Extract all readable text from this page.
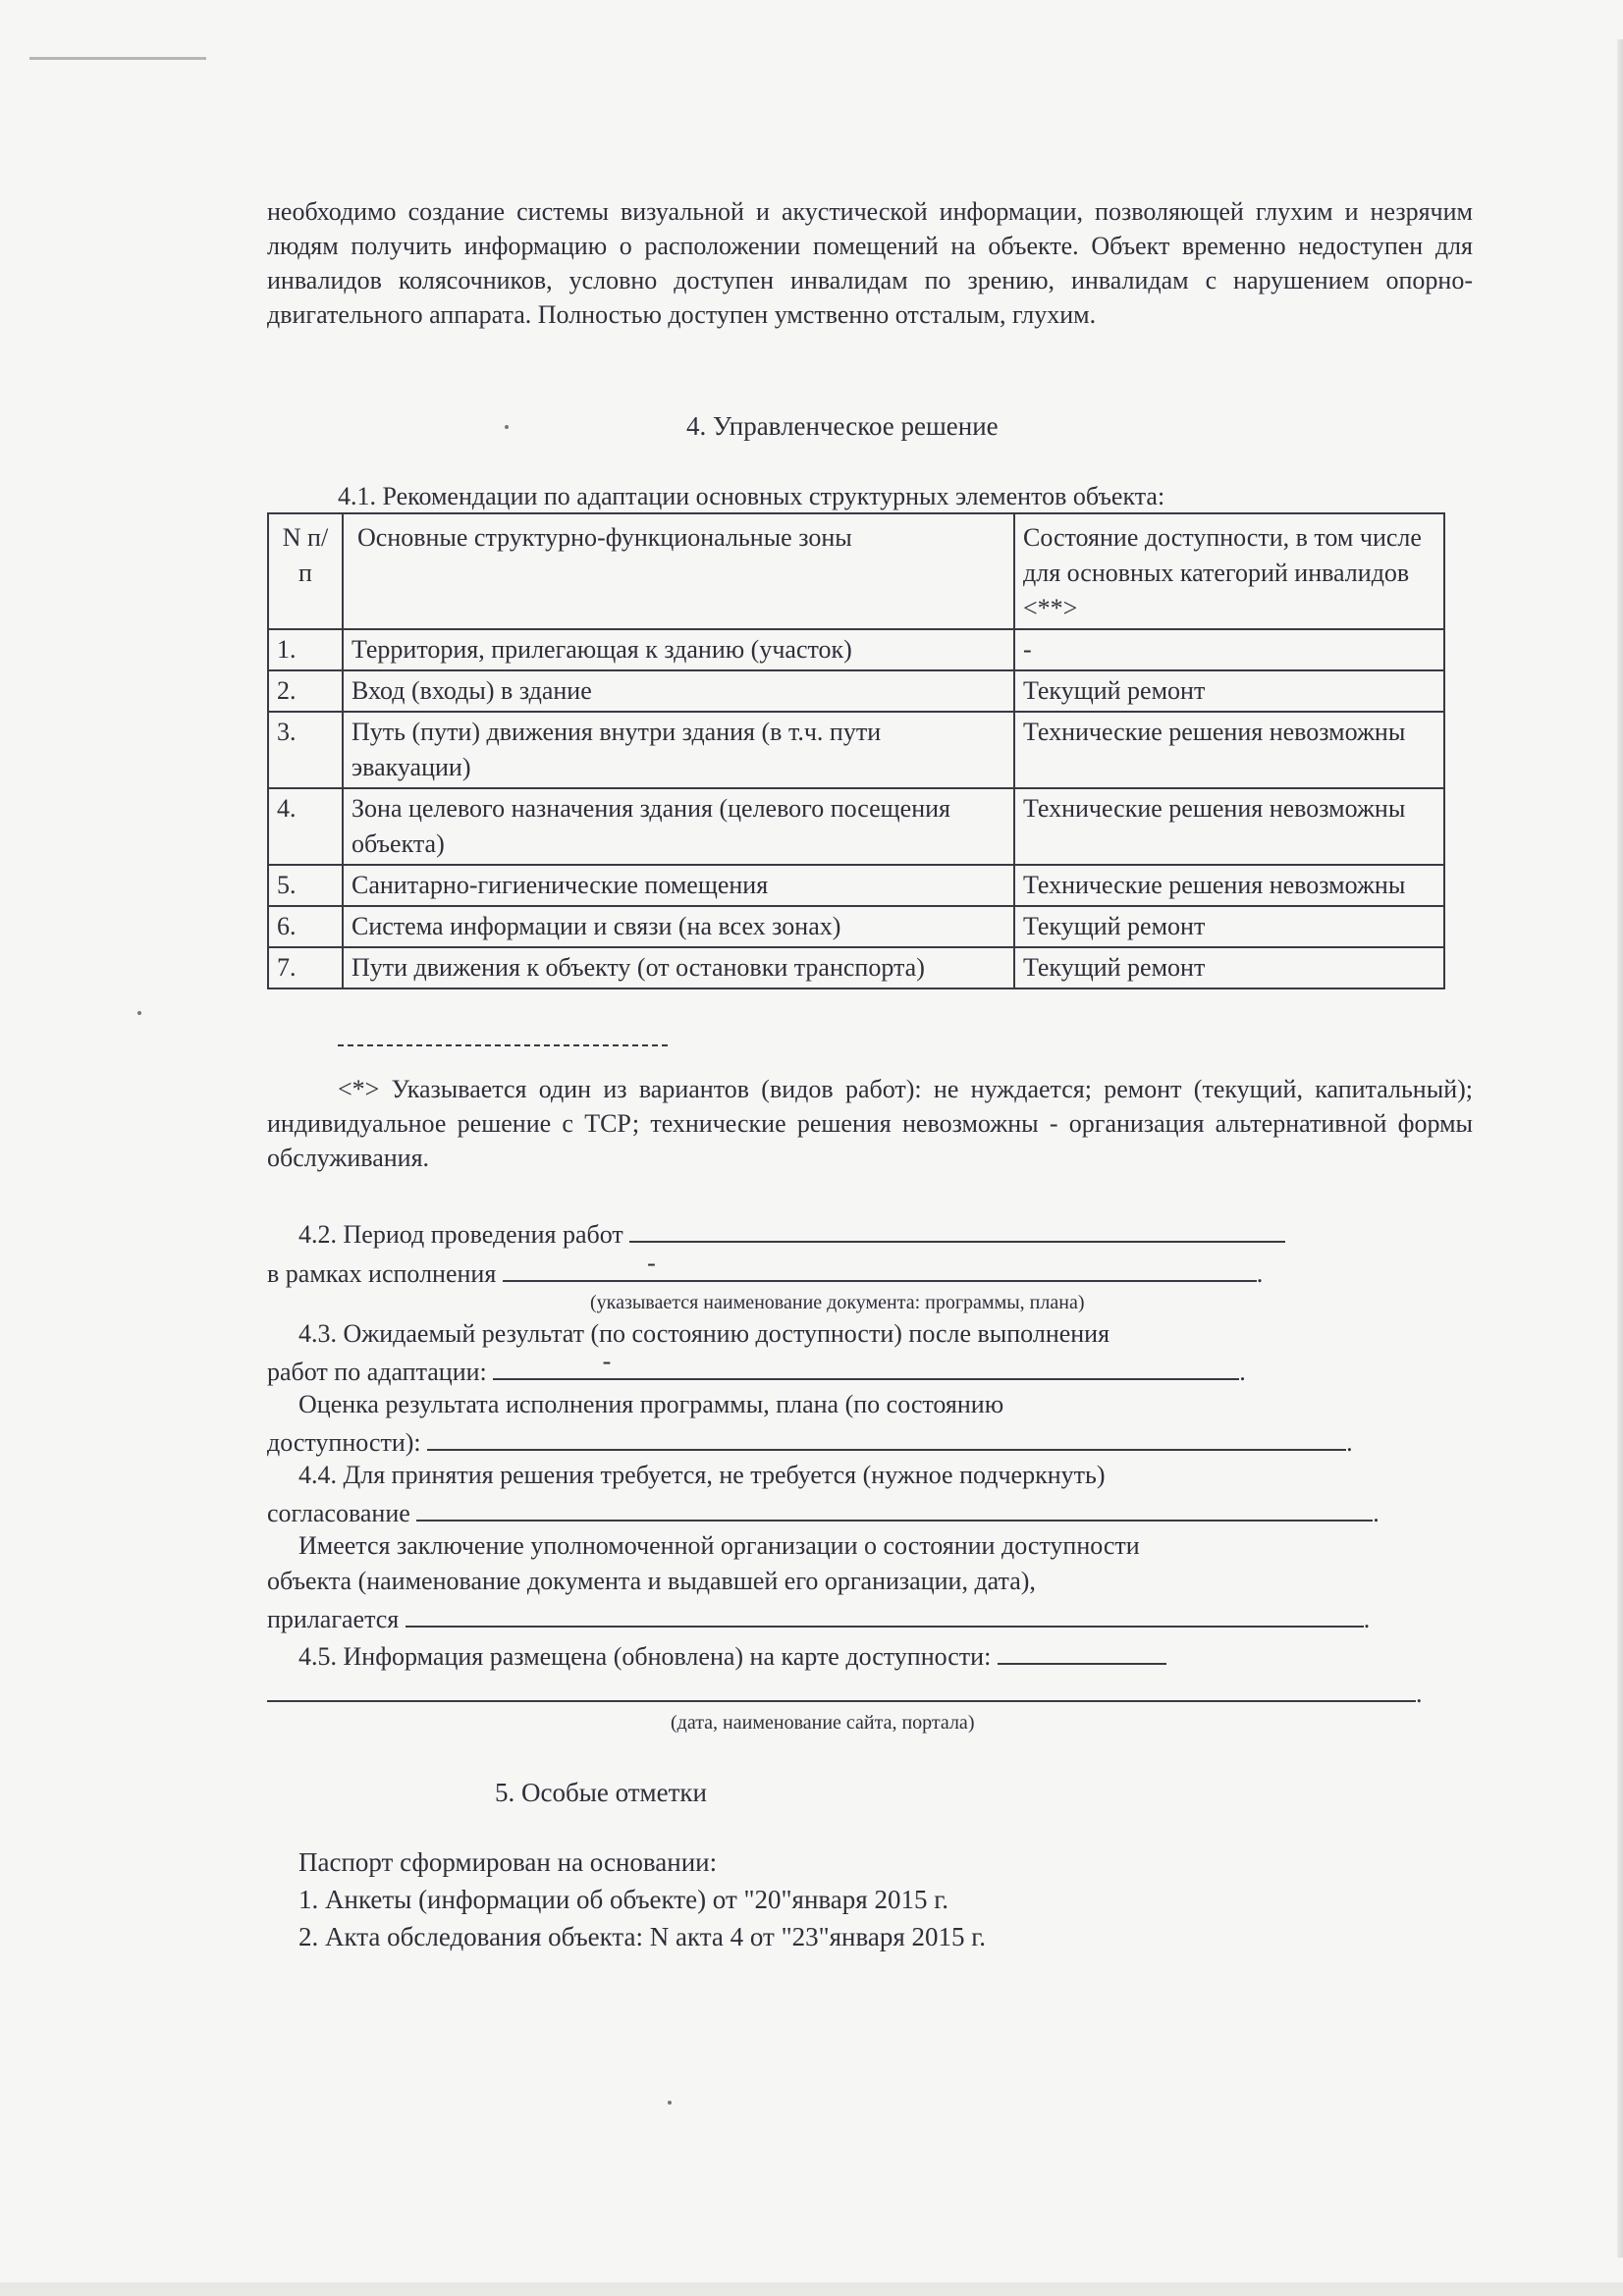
необходимо создание системы визуальной и акустической информации, позволяющей глухим и незрячим людям получить информацию о расположении помещений на объекте. Объект временно недоступен для инвалидов колясочников, условно доступен инвалидам по зрению, инвалидам с нарушением опорно-двигательного аппарата. Полностью доступен умственно отсталым, глухим.
4. Управленческое решение
4.1. Рекомендации по адаптации основных структурных элементов объекта:
N п/п	Основные структурно-функциональные зоны	Состояние доступности, в том числе для основных категорий инвалидов <**>
1.	Территория, прилегающая к зданию (участок)	-
2.	Вход (входы) в здание	Текущий ремонт
3.	Путь (пути) движения внутри здания (в т.ч. пути эвакуации)	Технические решения невозможны
4.	Зона целевого назначения здания (целевого посещения объекта)	Технические решения невозможны
5.	Санитарно-гигиенические помещения	Технические решения невозможны
6.	Система информации и связи (на всех зонах)	Текущий ремонт
7.	Пути движения к объекту (от остановки транспорта)	Текущий ремонт
<*> Указывается один из вариантов (видов работ): не нуждается; ремонт (текущий, капитальный); индивидуальное решение с ТСР; технические решения невозможны - организация альтернативной формы обслуживания.
4.2. Период проведения работ
в рамках исполнения	-	.
(указывается наименование документа: программы, плана)
4.3. Ожидаемый результат (по состоянию доступности) после выполнения
работ по адаптации:	-	.
Оценка результата исполнения программы, плана (по состоянию
доступности):	.
4.4. Для принятия решения требуется, не требуется (нужное подчеркнуть)
согласование	.
Имеется заключение уполномоченной организации о состоянии доступности
объекта (наименование документа и выдавшей его организации, дата),
прилагается	.
4.5. Информация размещена (обновлена) на карте доступности:
.
(дата, наименование сайта, портала)
5. Особые отметки
Паспорт сформирован на основании:
1. Анкеты (информации об объекте) от "20"января 2015 г.
2. Акта обследования объекта: N акта 4 от "23"января 2015 г.
